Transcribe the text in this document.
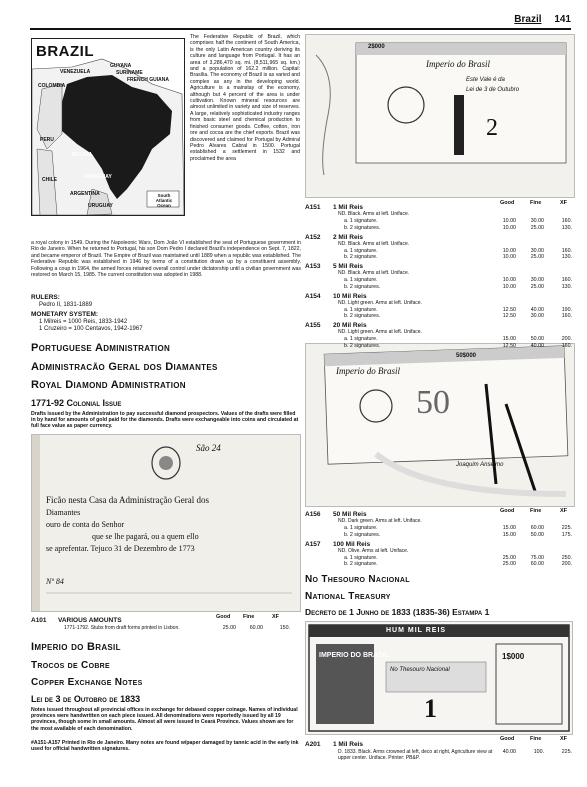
Brazil 141
BRAZIL
VENEZUELA
GUYANA
SURINAME
FRENCH GUIANA
COLOMBIA
PERU
BOLIVIA
CHILE	PARAGUAY
ARGENTINA
URUGUAY
South Atlantic Ocean
The Federative Republic of Brazil, which comprises half the continent of South America, is the only Latin American country deriving its culture and language from Portugal. It has an area of 3,286,470 sq. mi. (8,511,965 sq. km.) and a population of 162.2 million. Capital: Brasília. The economy of Brazil is as varied and complex as any in the developing world. Agriculture is a mainstay of the economy, although but 4 percent of the area is under cultivation. Known mineral resources are almost unlimited in variety and size of reserves. A large, relatively sophisticated industry ranges from basic steel and chemical production to finished consumer goods. Coffee, cotton, iron ore and cocoa are the chief exports. Brazil was discovered and claimed for Portugal by Admiral Pedro Alvares Cabral in 1500. Portugal established a settlement in 1532 and proclaimed the area
a royal colony in 1549. During the Napoleonic Wars, Dom João VI established the seat of Portuguese government in Rio de Janeiro. When he returned to Portugal, his son Dom Pedro I declared Brazil's independence on Sept. 7, 1822, and became emperor of Brazil. The Empire of Brazil was maintained until 1889 when a republic was established. The Federative Republic was established in 1946 by terms of a constitution drawn up by a constituent assembly. Following a coup in 1964, the armed forces retained overall control under dictatorship until a civilian government was restored on March 15, 1985. The current constitution was adopted in 1988.
RULERS:
Pedro II, 1831-1889
MONETARY SYSTEM:
1 Milreis = 1000 Reis, 1833-1942
1 Cruzeiro = 100 Centavos, 1942-1967
Portuguese Administration
Administracão Geral dos Diamantes
Royal Diamond Administration
1771-92 Colonial Issue
Drafts issued by the Administration to pay successful diamond prospectors. Values of the drafts were filled in by hand for amounts of gold paid for the diamonds. Drafts were exchangeable into coins and circulated at full face value as paper currency.
São 24
Ficão nesta Casa da Administração Geral dos
Diamantes
ouro de conta do Senhor
que se lhe pagará, ou a quem ello
se aprefentar. Tejuco 31 de Dezembro de 1773
Nº 84
Good Fine	XF
A101 VARIOUS AMOUNTS
1771-1792. Stubs from draft forms printed in Lisbon.	25.00	60.00	150.
Imperio do Brasil
Trocos de Cobre
Copper Exchange Notes
Lei de 3 de Outobro de 1833
Notes issued throughout all provincial offices in exchange for debased copper coinage. Names of individual provinces were handwritten on each piece issued. All denominations were reportedly issued by all 19 provinces, though some in small amounts. Almost all were issued in Ceará Province. Values shown are for the most available of each denomination.
#A151-A157 Printed in Rio de Janeiro. Many notes are found w/paper damaged by tannic acid in the early ink used for official handwritten signatures.
2$000
Imperio do Brasil
Este Vale é da
Lei de 3 de Outubro
2
Good	Fine	XF
50$000
Imperio do Brasil
50
Joaquim Anselmo
Good	Fine	XF
No Thesouro Nacional
National Treasury
Decreto de 1 Junho de 1833 (1835-36) Estampa 1
HUM MIL REIS
IMPERIO DO BRASIL	1$000
1
No Thesouro Nacional
Good	Fine	XF
A201 1 Mil Reis
D. 1833. Black. Arms crowned at left, deco at right, Agriculture view at upper center. Uniface. Printer: PB&P.
40.00	100.	225.
A151 1 Mil Reis
ND. Black. Arms at left. Uniface.
a. 1 signature.	10.00	30.00	160.
b. 2 signatures.	10.00	25.00	130.
A152 2 Mil Reis
ND. Black. Arms at left. Uniface.
a. 1 signature.	10.00	30.00	160.
b. 2 signature.	10.00	25.00	130.
A153 5 Mil Reis
ND. Black. Arms at left. Uniface.
a. 1 signature.	10.00	30.00	160.
b. 2 signatures.	10.00	25.00	130.
A154 10 Mil Reis
ND. Light green. Arms at left. Uniface.
a. 1 signature.	12.50	40.00	190.
b. 2 signatures.	12.50	30.00	160.
A155 20 Mil Reis
ND. Light green. Arms at left. Uniface.
a. 1 signature.	15.00	50.00	200.
b. 2 signatures.	12.50	40.00	160.
A156 50 Mil Reis
ND. Dark green. Arms at left. Uniface.
a. 1 signature.	15.00	60.00	225.
b. 2 signatures.	15.00	50.00	175.
A157 100 Mil Reis
ND. Olive. Arms at left. Uniface.
a. 1 signature.	25.00	75.00	250.
b. 2 signature.	25.00	60.00	200.
